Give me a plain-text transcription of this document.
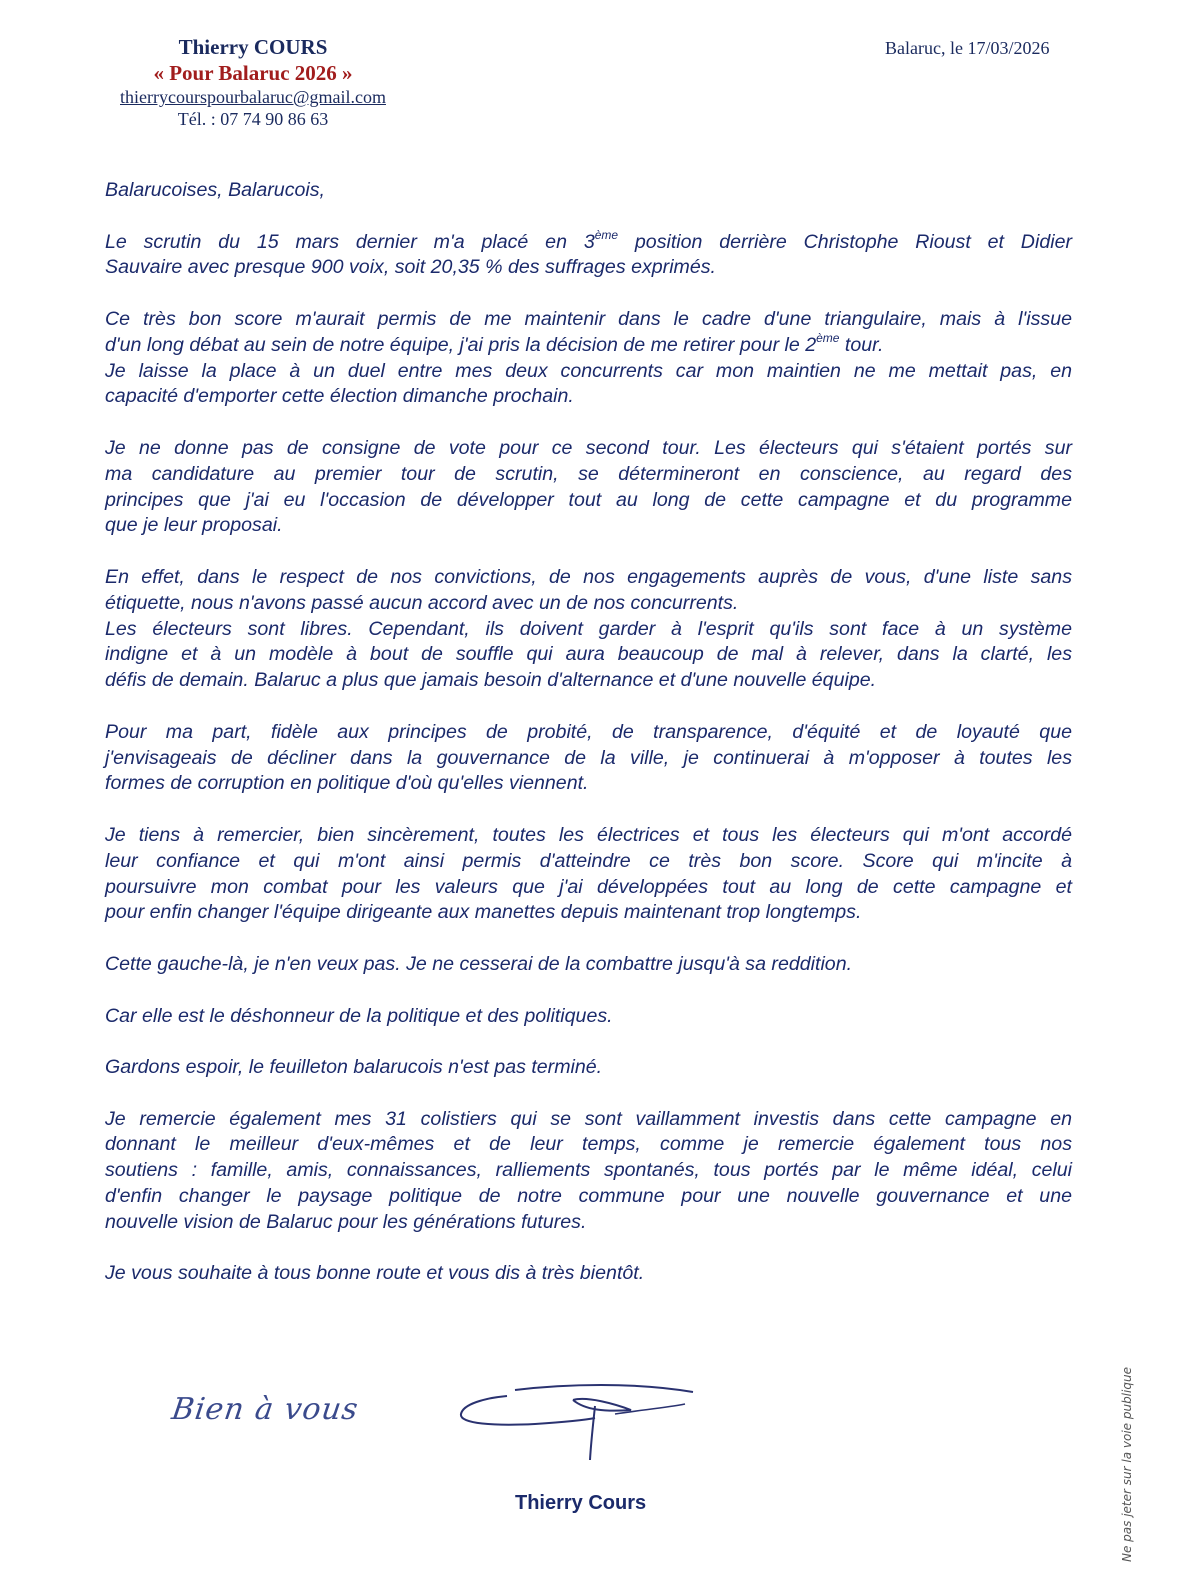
Thierry COURS
« Pour Balaruc 2026 »
thierrycourspourbalaruc@gmail.com
Tél. : 07 74 90 86 63
Balaruc, le 17/03/2026
Balarucoises, Balarucois,
Le scrutin du 15 mars dernier m'a placé en 3ème position derrière Christophe Rioust et Didier
Sauvaire avec presque 900 voix, soit 20,35 % des suffrages exprimés.
Ce très bon score m'aurait permis de me maintenir dans le cadre d'une triangulaire, mais à l'issue
d'un long débat au sein de notre équipe, j'ai pris la décision de me retirer pour le 2ème tour.
Je laisse la place à un duel entre mes deux concurrents car mon maintien ne me mettait pas, en
capacité d'emporter cette élection dimanche prochain.
Je ne donne pas de consigne de vote pour ce second tour. Les électeurs qui s'étaient portés sur
ma candidature au premier tour de scrutin, se détermineront en conscience, au regard des
principes que j'ai eu l'occasion de développer tout au long de cette campagne et du programme
que je leur proposai.
En effet, dans le respect de nos convictions, de nos engagements auprès de vous, d'une liste sans
étiquette, nous n'avons passé aucun accord avec un de nos concurrents.
Les électeurs sont libres. Cependant, ils doivent garder à l'esprit qu'ils sont face à un système
indigne et à un modèle à bout de souffle qui aura beaucoup de mal à relever, dans la clarté, les
défis de demain. Balaruc a plus que jamais besoin d'alternance et d'une nouvelle équipe.
Pour ma part, fidèle aux principes de probité, de transparence, d'équité et de loyauté que
j'envisageais de décliner dans la gouvernance de la ville, je continuerai à m'opposer à toutes les
formes de corruption en politique d'où qu'elles viennent.
Je tiens à remercier, bien sincèrement, toutes les électrices et tous les électeurs qui m'ont accordé
leur confiance et qui m'ont ainsi permis d'atteindre ce très bon score. Score qui m'incite à
poursuivre mon combat pour les valeurs que j'ai développées tout au long de cette campagne et
pour enfin changer l'équipe dirigeante aux manettes depuis maintenant trop longtemps.
Cette gauche-là, je n'en veux pas. Je ne cesserai de la combattre jusqu'à sa reddition.
Car elle est le déshonneur de la politique et des politiques.
Gardons espoir, le feuilleton balarucois n'est pas terminé.
Je remercie également mes 31 colistiers qui se sont vaillamment investis dans cette campagne en
donnant le meilleur d'eux-mêmes et de leur temps, comme je remercie également tous nos
soutiens : famille, amis, connaissances, ralliements spontanés, tous portés par le même idéal, celui
d'enfin changer le paysage politique de notre commune pour une nouvelle gouvernance et une
nouvelle vision de Balaruc pour les générations futures.
Je vous souhaite à tous bonne route et vous dis à très bientôt.
Bien à vous
Thierry Cours	Ne pas jeter sur la voie publique
